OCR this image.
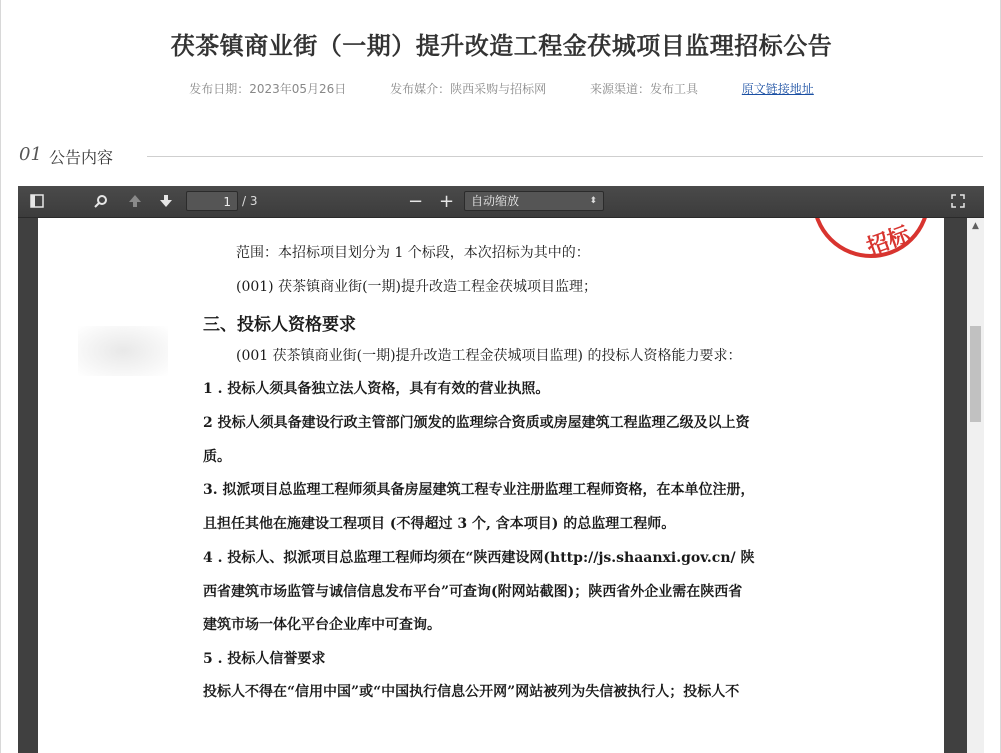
茯茶镇商业街（一期）提升改造工程金茯城项目监理招标公告
发布日期：2023年05月26日	发布媒介：陕西采购与招标网	来源渠道：发布工具	原文链接地址
01 公告内容
1 / 3	− +	自动缩放	⬍
招标
范围：本招标项目划分为 1 个标段，本次招标为其中的：
(001) 茯茶镇商业街(一期)提升改造工程金茯城项目监理；
三、投标人资格要求
(001 茯茶镇商业街(一期)提升改造工程金茯城项目监理) 的投标人资格能力要求：
1 . 投标人须具备独立法人资格，具有有效的营业执照。
2 投标人须具备建设行政主管部门颁发的监理综合资质或房屋建筑工程监理乙级及以上资
质。
3. 拟派项目总监理工程师须具备房屋建筑工程专业注册监理工程师资格，在本单位注册，
且担任其他在施建设工程项目 (不得超过 3 个, 含本项目) 的总监理工程师。
4 . 投标人、拟派项目总监理工程师均须在“陕西建设网(http://js.shaanxi.gov.cn/ 陕
西省建筑市场监管与诚信信息发布平台”可查询(附网站截图)；陕西省外企业需在陕西省
建筑市场一体化平台企业库中可查询。
5 . 投标人信誉要求
投标人不得在“信用中国”或“中国执行信息公开网”网站被列为失信被执行人；投标人不
▲
